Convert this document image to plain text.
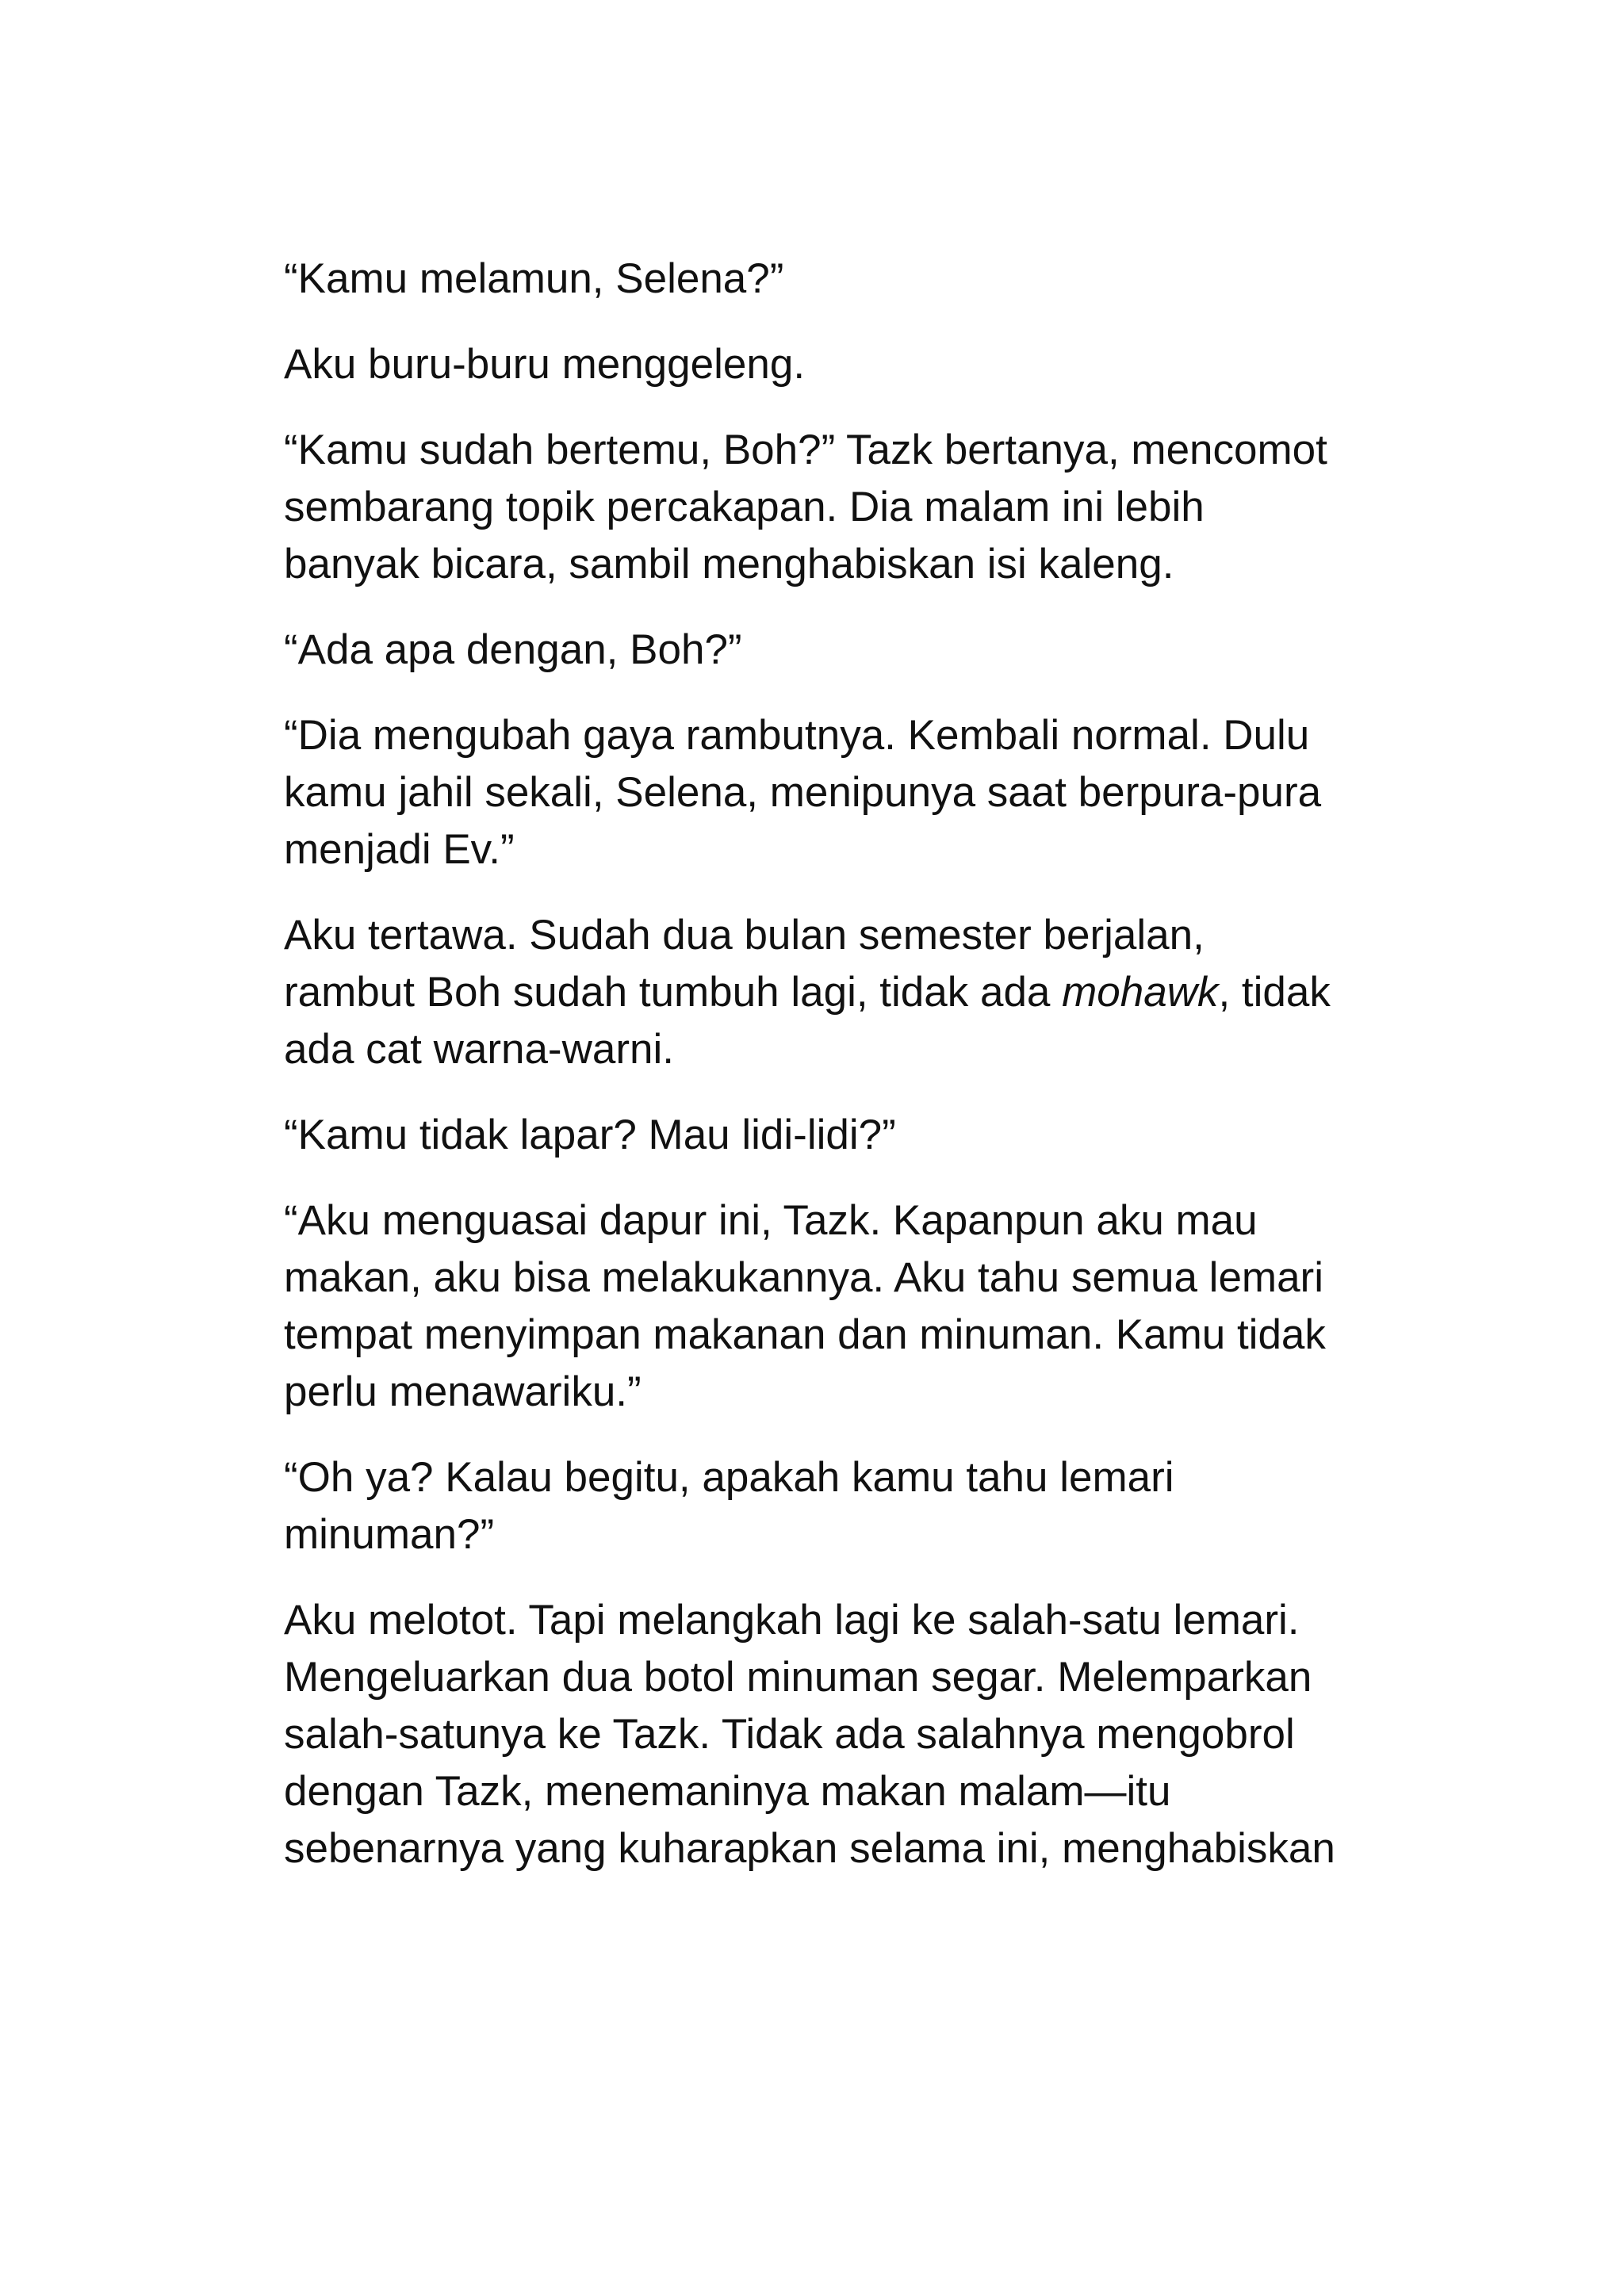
“Kamu melamun, Selena?”

Aku buru-buru menggeleng.

“Kamu sudah bertemu, Boh?” Tazk bertanya, mencomot
sembarang topik percakapan. Dia malam ini lebih
banyak bicara, sambil menghabiskan isi kaleng.

“Ada apa dengan, Boh?”

“Dia mengubah gaya rambutnya. Kembali normal. Dulu
kamu jahil sekali, Selena, menipunya saat berpura-pura
menjadi Ev.”

Aku tertawa. Sudah dua bulan semester berjalan,
rambut Boh sudah tumbuh lagi, tidak ada mohawk, tidak
ada cat warna-warni.

“Kamu tidak lapar? Mau lidi-lidi?”

“Aku menguasai dapur ini, Tazk. Kapanpun aku mau
makan, aku bisa melakukannya. Aku tahu semua lemari
tempat menyimpan makanan dan minuman. Kamu tidak
perlu menawariku.”

“Oh ya? Kalau begitu, apakah kamu tahu lemari
minuman?”

Aku melotot. Tapi melangkah lagi ke salah-satu lemari.
Mengeluarkan dua botol minuman segar. Melemparkan
salah-satunya ke Tazk. Tidak ada salahnya mengobrol
dengan Tazk, menemaninya makan malam—itu
sebenarnya yang kuharapkan selama ini, menghabiskan
